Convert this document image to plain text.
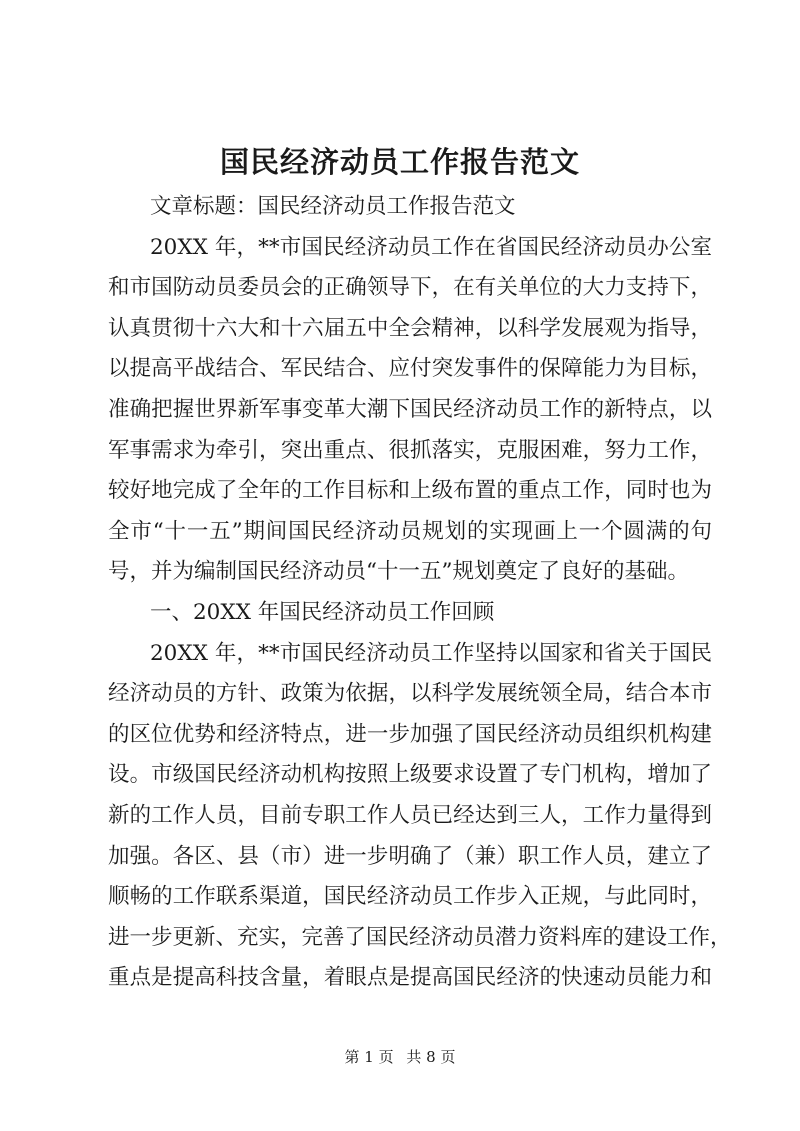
国民经济动员工作报告范文
文章标题：国民经济动员工作报告范文
20XX 年，**市国民经济动员工作在省国民经济动员办公室
和市国防动员委员会的正确领导下，在有关单位的大力支持下，
认真贯彻十六大和十六届五中全会精神，以科学发展观为指导，
以提高平战结合、军民结合、应付突发事件的保障能力为目标，
准确把握世界新军事变革大潮下国民经济动员工作的新特点，以
军事需求为牵引，突出重点、很抓落实，克服困难，努力工作，
较好地完成了全年的工作目标和上级布置的重点工作，同时也为
全市“十一五”期间国民经济动员规划的实现画上一个圆满的句
号，并为编制国民经济动员“十一五”规划奠定了良好的基础。
一、20XX 年国民经济动员工作回顾
20XX 年，**市国民经济动员工作坚持以国家和省关于国民
经济动员的方针、政策为依据，以科学发展统领全局，结合本市
的区位优势和经济特点，进一步加强了国民经济动员组织机构建
设。市级国民经济动机构按照上级要求设置了专门机构，增加了
新的工作人员，目前专职工作人员已经达到三人，工作力量得到
加强。各区、县（市）进一步明确了（兼）职工作人员，建立了
顺畅的工作联系渠道，国民经济动员工作步入正规，与此同时，
进一步更新、充实，完善了国民经济动员潜力资料库的建设工作，
重点是提高科技含量，着眼点是提高国民经济的快速动员能力和
第 1 页 共 8 页
